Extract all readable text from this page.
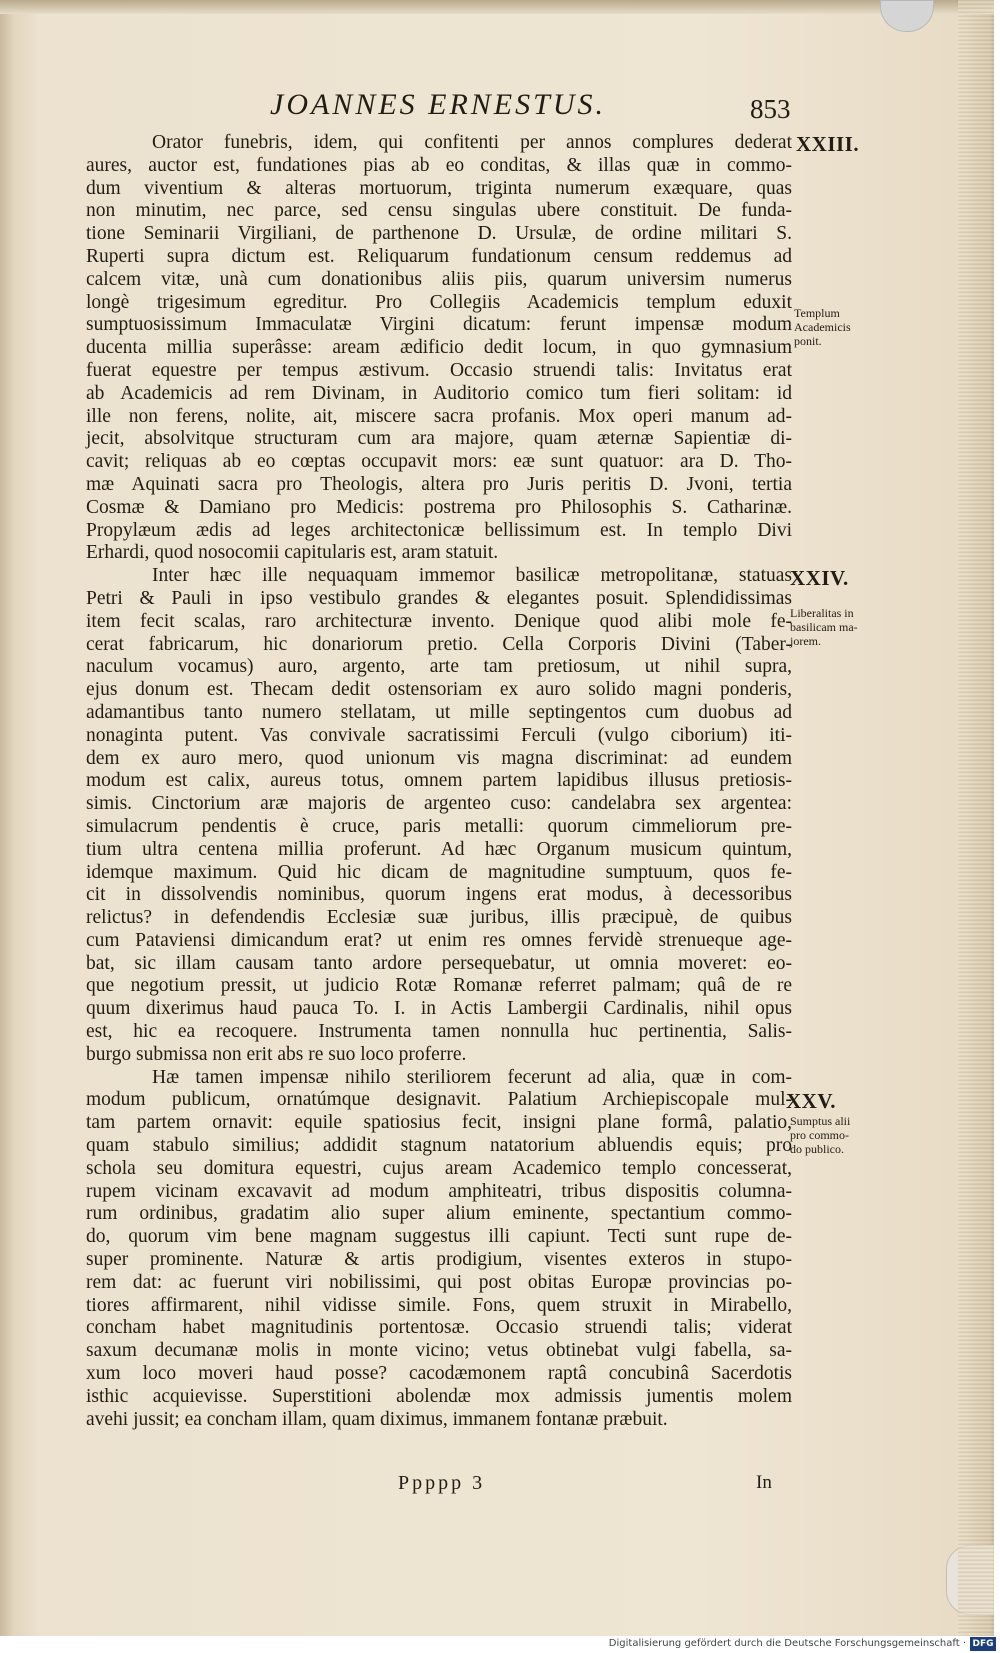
JOANNES ERNESTUS.	853
Orator funebris, idem, qui confitenti per annos complures dederat
aures, auctor est, fundationes pias ab eo conditas, & illas quæ in commo-
dum viventium & alteras mortuorum, triginta numerum exæquare, quas
non minutim, nec parce, sed censu singulas ubere constituit. De funda-
tione Seminarii Virgiliani, de parthenone D. Ursulæ, de ordine militari S.
Ruperti supra dictum est. Reliquarum fundationum censum reddemus ad
calcem vitæ, unà cum donationibus aliis piis, quarum universim numerus
longè trigesimum egreditur. Pro Collegiis Academicis templum eduxit
sumptuosissimum Immaculatæ Virgini dicatum: ferunt impensæ modum
ducenta millia superâsse: aream ædificio dedit locum, in quo gymnasium
fuerat equestre per tempus æstivum. Occasio struendi talis: Invitatus erat
ab Academicis ad rem Divinam, in Auditorio comico tum fieri solitam: id
ille non ferens, nolite, ait, miscere sacra profanis. Mox operi manum ad-
jecit, absolvitque structuram cum ara majore, quam æternæ Sapientiæ di-
cavit; reliquas ab eo cœptas occupavit mors: eæ sunt quatuor: ara D. Tho-
mæ Aquinati sacra pro Theologis, altera pro Juris peritis D. Jvoni, tertia
Cosmæ & Damiano pro Medicis: postrema pro Philosophis S. Catharinæ.
Propylæum ædis ad leges architectonicæ bellissimum est. In templo Divi
Erhardi, quod nosocomii capitularis est, aram statuit.
Inter hæc ille nequaquam immemor basilicæ metropolitanæ, statuas
Petri & Pauli in ipso vestibulo grandes & elegantes posuit. Splendidissimas
item fecit scalas, raro architecturæ invento. Denique quod alibi mole fe-
cerat fabricarum, hic donariorum pretio. Cella Corporis Divini (Taber-
naculum vocamus) auro, argento, arte tam pretiosum, ut nihil supra,
ejus donum est. Thecam dedit ostensoriam ex auro solido magni ponderis,
adamantibus tanto numero stellatam, ut mille septingentos cum duobus ad
nonaginta putent. Vas convivale sacratissimi Ferculi (vulgo ciborium) iti-
dem ex auro mero, quod unionum vis magna discriminat: ad eundem
modum est calix, aureus totus, omnem partem lapidibus illusus pretiosis-
simis. Cinctorium aræ majoris de argenteo cuso: candelabra sex argentea:
simulacrum pendentis è cruce, paris metalli: quorum cimmeliorum pre-
tium ultra centena millia proferunt. Ad hæc Organum musicum quintum,
idemque maximum. Quid hic dicam de magnitudine sumptuum, quos fe-
cit in dissolvendis nominibus, quorum ingens erat modus, à decessoribus
relictus? in defendendis Ecclesiæ suæ juribus, illis præcipuè, de quibus
cum Pataviensi dimicandum erat? ut enim res omnes fervidè strenueque age-
bat, sic illam causam tanto ardore persequebatur, ut omnia moveret: eo-
que negotium pressit, ut judicio Rotæ Romanæ referret palmam; quâ de re
quum dixerimus haud pauca To. I. in Actis Lambergii Cardinalis, nihil opus
est, hic ea recoquere. Instrumenta tamen nonnulla huc pertinentia, Salis-
burgo submissa non erit abs re suo loco proferre.
Hæ tamen impensæ nihilo steriliorem fecerunt ad alia, quæ in com-
modum publicum, ornatúmque designavit. Palatium Archiepiscopale mul-
tam partem ornavit: equile spatiosius fecit, insigni plane formâ, palatio,
quam stabulo similius; addidit stagnum natatorium abluendis equis; pro
schola seu domitura equestri, cujus aream Academico templo concesserat,
rupem vicinam excavavit ad modum amphiteatri, tribus dispositis columna-
rum ordinibus, gradatim alio super alium eminente, spectantium commo-
do, quorum vim bene magnam suggestus illi capiunt. Tecti sunt rupe de-
super prominente. Naturæ & artis prodigium, visentes exteros in stupo-
rem dat: ac fuerunt viri nobilissimi, qui post obitas Europæ provincias po-
tiores affirmarent, nihil vidisse simile. Fons, quem struxit in Mirabello,
concham habet magnitudinis portentosæ. Occasio struendi talis; viderat
saxum decumanæ molis in monte vicino; vetus obtinebat vulgi fabella, sa-
xum loco moveri haud posse? cacodæmonem raptâ concubinâ Sacerdotis
isthic acquievisse. Superstitioni abolendæ mox admissis jumentis molem
avehi jussit; ea concham illam, quam diximus, immanem fontanæ præbuit.
XXIII.
XXIV.
XXV.
Templum
Academicis
ponit.
Liberalitas in
basilicam ma-
jorem.
Sumptus alii
pro commo-
do publico.
Ppppp 3	In
Digitalisierung gefördert durch die Deutsche Forschungsgemeinschaft · DFG
